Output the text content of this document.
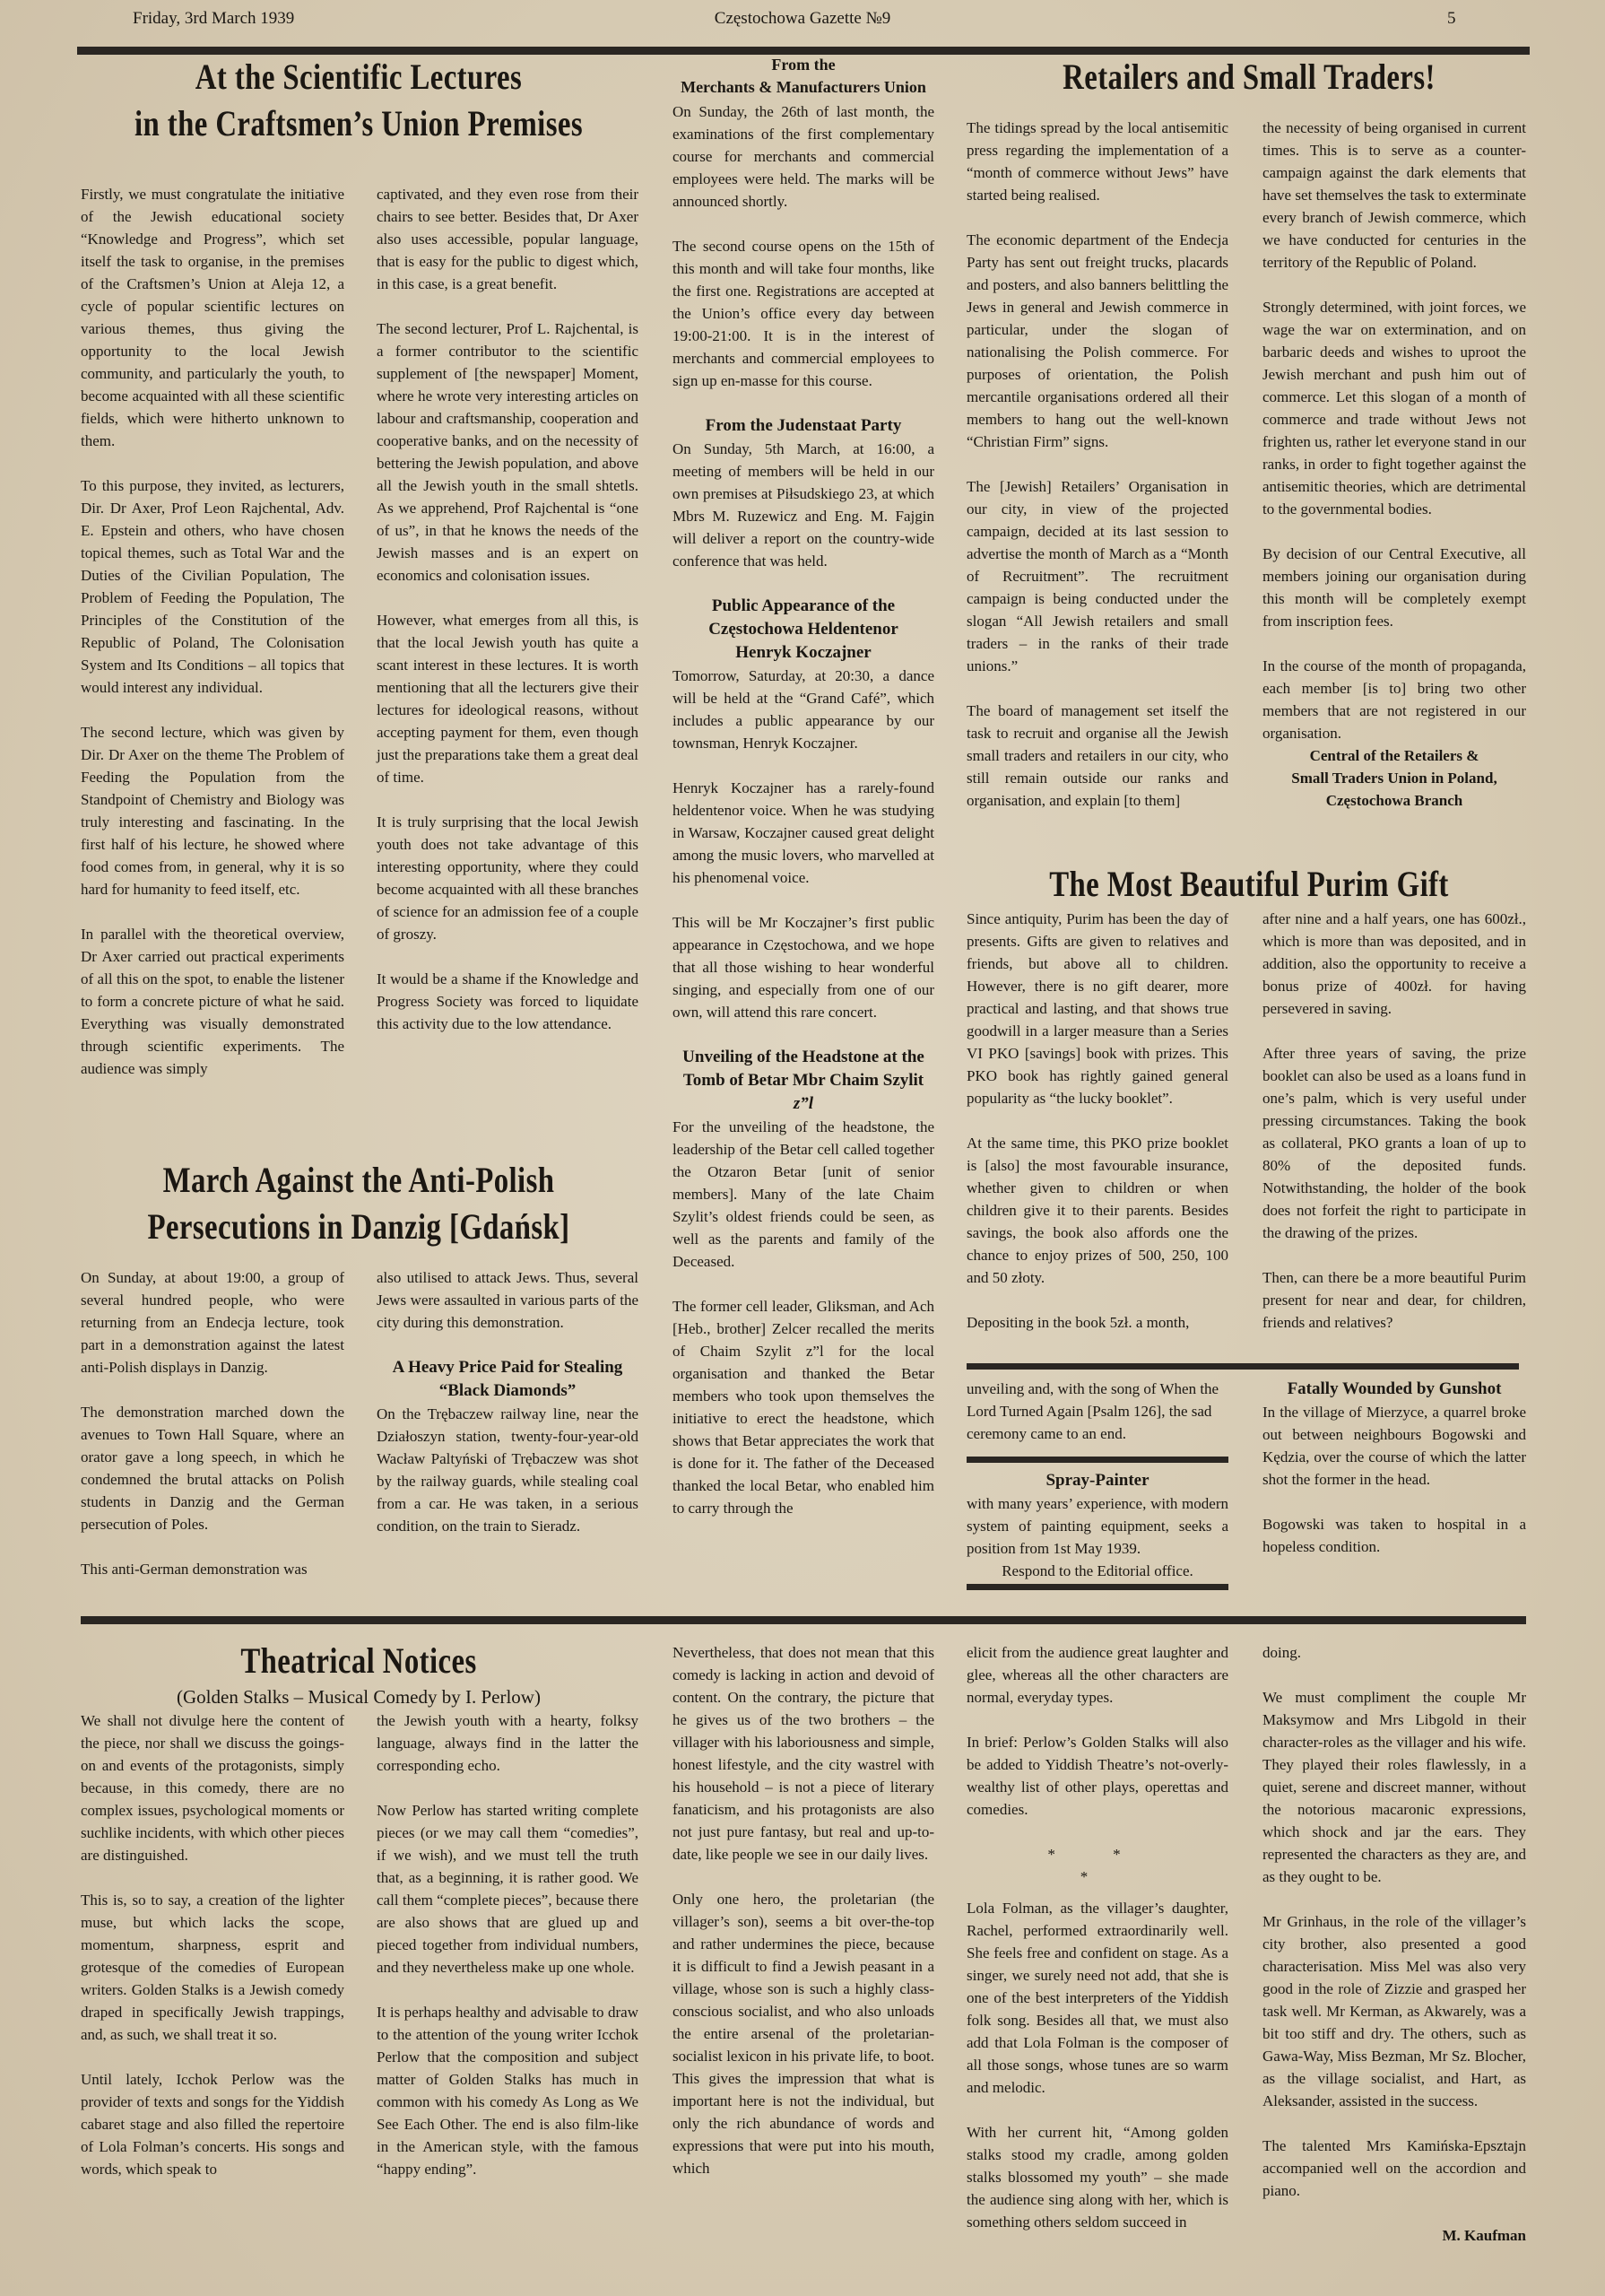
Friday, 3rd March 1939	Częstochowa Gazette №9	5
At the Scientific Lectures
in the Craftsmen’s Union Premises

Firstly, we must congratulate the initiative of the Jewish educational society “Knowledge and Progress”, which set itself the task to organise, in the premises of the Craftsmen’s Union at Aleja 12, a cycle of popular scientific lectures on various themes, thus giving the opportunity to the local Jewish community, and particularly the youth, to become acquainted with all these scientific fields, which were hitherto unknown to them.

To this purpose, they invited, as lecturers, Dir. Dr Axer, Prof Leon Rajchental, Adv. E. Epstein and others, who have chosen topical themes, such as Total War and the Duties of the Civilian Population, The Problem of Feeding the Population, The Principles of the Constitution of the Republic of Poland, The Colonisation System and Its Conditions – all topics that would interest any individual.

The second lecture, which was given by Dir. Dr Axer on the theme The Problem of Feeding the Population from the Standpoint of Chemistry and Biology was truly interesting and fascinating. In the first half of his lecture, he showed where food comes from, in general, why it is so hard for humanity to feed itself, etc.

In parallel with the theoretical overview, Dr Axer carried out practical experiments of all this on the spot, to enable the listener to form a concrete picture of what he said. Everything was visually demonstrated through scientific experiments. The audience was simply

captivated, and they even rose from their chairs to see better. Besides that, Dr Axer also uses accessible, popular language, that is easy for the public to digest which, in this case, is a great benefit.

The second lecturer, Prof L. Rajchental, is a former contributor to the scientific supplement of [the newspaper] Moment, where he wrote very interesting articles on labour and craftsmanship, cooperation and cooperative banks, and on the necessity of bettering the Jewish population, and above all the Jewish youth in the small shtetls. As we apprehend, Prof Rajchental is “one of us”, in that he knows the needs of the Jewish masses and is an expert on economics and colonisation issues.

However, what emerges from all this, is that the local Jewish youth has quite a scant interest in these lectures. It is worth mentioning that all the lecturers give their lectures for ideological reasons, without accepting payment for them, even though just the preparations take them a great deal of time.

It is truly surprising that the local Jewish youth does not take advantage of this interesting opportunity, where they could become acquainted with all these branches of science for an admission fee of a couple of groszy.

It would be a shame if the Knowledge and Progress Society was forced to liquidate this activity due to the low attendance.

From the
Merchants & Manufacturers Union

On Sunday, the 26th of last month, the examinations of the first complementary course for merchants and commercial employees were held. The marks will be announced shortly.

The second course opens on the 15th of this month and will take four months, like the first one. Registrations are accepted at the Union’s office every day between 19:00-21:00. It is in the interest of merchants and commercial employees to sign up en-masse for this course.

From the Judenstaat Party

On Sunday, 5th March, at 16:00, a meeting of members will be held in our own premises at Piłsudskiego 23, at which Mbrs M. Ruzewicz and Eng. M. Fajgin will deliver a report on the country-wide conference that was held.

Public Appearance of the
Częstochowa Heldentenor
Henryk Koczajner

Tomorrow, Saturday, at 20:30, a dance will be held at the “Grand Café”, which includes a public appearance by our townsman, Henryk Koczajner.

Henryk Koczajner has a rarely-found heldentenor voice. When he was studying in Warsaw, Koczajner caused great delight among the music lovers, who marvelled at his phenomenal voice.

This will be Mr Koczajner’s first public appearance in Częstochowa, and we hope that all those wishing to hear wonderful singing, and especially from one of our own, will attend this rare concert.

Unveiling of the Headstone at the
Tomb of Betar Mbr Chaim Szylit
z”l

For the unveiling of the headstone, the leadership of the Betar cell called together the Otzaron Betar [unit of senior members]. Many of the late Chaim Szylit’s oldest friends could be seen, as well as the parents and family of the Deceased.

The former cell leader, Gliksman, and Ach [Heb., brother] Zelcer recalled the merits of Chaim Szylit z”l for the local organisation and thanked the Betar members who took upon themselves the initiative to erect the headstone, which shows that Betar appreciates the work that is done for it. The father of the Deceased thanked the local Betar, who enabled him to carry through the

Retailers and Small Traders!

The tidings spread by the local antisemitic press regarding the implementation of a “month of commerce without Jews” have started being realised.

The economic department of the Endecja Party has sent out freight trucks, placards and posters, and also banners belittling the Jews in general and Jewish commerce in particular, under the slogan of nationalising the Polish commerce. For purposes of orientation, the Polish mercantile organisations ordered all their members to hang out the well-known “Christian Firm” signs.

The [Jewish] Retailers’ Organisation in our city, in view of the projected campaign, decided at its last session to advertise the month of March as a “Month of Recruitment”. The recruitment campaign is being conducted under the slogan “All Jewish retailers and small traders – in the ranks of their trade unions.”

The board of management set itself the task to recruit and organise all the Jewish small traders and retailers in our city, who still remain outside our ranks and organisation, and explain [to them]

the necessity of being organised in current times. This is to serve as a counter-campaign against the dark elements that have set themselves the task to exterminate every branch of Jewish commerce, which we have conducted for centuries in the territory of the Republic of Poland.

Strongly determined, with joint forces, we wage the war on extermination, and on barbaric deeds and wishes to uproot the Jewish merchant and push him out of commerce. Let this slogan of a month of commerce and trade without Jews not frighten us, rather let everyone stand in our ranks, in order to fight together against the antisemitic theories, which are detrimental to the governmental bodies.

By decision of our Central Executive, all members joining our organisation during this month will be completely exempt from inscription fees.

In the course of the month of propaganda, each member [is to] bring two other members that are not registered in our organisation.

Central of the Retailers &
Small Traders Union in Poland,
Częstochowa Branch
The Most Beautiful Purim Gift

Since antiquity, Purim has been the day of presents. Gifts are given to relatives and friends, but above all to children. However, there is no gift dearer, more practical and lasting, and that shows true goodwill in a larger measure than a Series VI PKO [savings] book with prizes. This PKO book has rightly gained general popularity as “the lucky booklet”.

At the same time, this PKO prize booklet is [also] the most favourable insurance, whether given to children or when children give it to their parents. Besides savings, the book also affords one the chance to enjoy prizes of 500, 250, 100 and 50 złoty.

Depositing in the book 5zł. a month,

after nine and a half years, one has 600zł., which is more than was deposited, and in addition, also the opportunity to receive a bonus prize of 400zł. for having persevered in saving.

After three years of saving, the prize booklet can also be used as a loans fund in one’s palm, which is very useful under pressing circumstances. Taking the book as collateral, PKO grants a loan of up to 80% of the deposited funds. Notwithstanding, the holder of the book does not forfeit the right to participate in the drawing of the prizes.

Then, can there be a more beautiful Purim present for near and dear, for children, friends and relatives?

unveiling and, with the song of When the Lord Turned Again [Psalm 126], the sad ceremony came to an end.

Spray-Painter

with many years’ experience, with modern system of painting equipment, seeks a position from 1st May 1939.

Respond to the Editorial office.
Fatally Wounded by Gunshot

In the village of Mierzyce, a quarrel broke out between neighbours Bogowski and Kędzia, over the course of which the latter shot the former in the head.

Bogowski was taken to hospital in a hopeless condition.

March Against the Anti-Polish
Persecutions in Danzig [Gdańsk]

On Sunday, at about 19:00, a group of several hundred people, who were returning from an Endecja lecture, took part in a demonstration against the latest anti-Polish displays in Danzig.

The demonstration marched down the avenues to Town Hall Square, where an orator gave a long speech, in which he condemned the brutal attacks on Polish students in Danzig and the German persecution of Poles.

This anti-German demonstration was

also utilised to attack Jews. Thus, several Jews were assaulted in various parts of the city during this demonstration.

A Heavy Price Paid for Stealing
“Black Diamonds”

On the Trębaczew railway line, near the Działoszyn station, twenty-four-year-old Wacław Paltyński of Trębaczew was shot by the railway guards, while stealing coal from a car. He was taken, in a serious condition, on the train to Sieradz.

Theatrical Notices
(Golden Stalks – Musical Comedy by I. Perlow)

We shall not divulge here the content of the piece, nor shall we discuss the goings-on and events of the protagonists, simply because, in this comedy, there are no complex issues, psychological moments or suchlike incidents, with which other pieces are distinguished.

This is, so to say, a creation of the lighter muse, but which lacks the scope, momentum, sharpness, esprit and grotesque of the comedies of European writers. Golden Stalks is a Jewish comedy draped in specifically Jewish trappings, and, as such, we shall treat it so.

Until lately, Icchok Perlow was the provider of texts and songs for the Yiddish cabaret stage and also filled the repertoire of Lola Folman’s concerts. His songs and words, which speak to

the Jewish youth with a hearty, folksy language, always find in the latter the corresponding echo.

Now Perlow has started writing complete pieces (or we may call them “comedies”, if we wish), and we must tell the truth that, as a beginning, it is rather good. We call them “complete pieces”, because there are also shows that are glued up and pieced together from individual numbers, and they nevertheless make up one whole.

It is perhaps healthy and advisable to draw to the attention of the young writer Icchok Perlow that the composition and subject matter of Golden Stalks has much in common with his comedy As Long as We See Each Other. The end is also film-like in the American style, with the famous “happy ending”.

Nevertheless, that does not mean that this comedy is lacking in action and devoid of content. On the contrary, the picture that he gives us of the two brothers – the villager with his laboriousness and simple, honest lifestyle, and the city wastrel with his household – is not a piece of literary fanaticism, and his protagonists are also not just pure fantasy, but real and up-to-date, like people we see in our daily lives.

Only one hero, the proletarian (the villager’s son), seems a bit over-the-top and rather undermines the piece, because it is difficult to find a Jewish peasant in a village, whose son is such a highly class-conscious socialist, and who also unloads the entire arsenal of the proletarian-socialist lexicon in his private life, to boot. This gives the impression that what is important here is not the individual, but only the rich abundance of words and expressions that were put into his mouth, which

elicit from the audience great laughter and glee, whereas all the other characters are normal, everyday types.

In brief: Perlow’s Golden Stalks will also be added to Yiddish Theatre’s not-overly-wealthy list of other plays, operettas and comedies.

* *
*

Lola Folman, as the villager’s daughter, Rachel, performed extraordinarily well. She feels free and confident on stage. As a singer, we surely need not add, that she is one of the best interpreters of the Yiddish folk song. Besides all that, we must also add that Lola Folman is the composer of all those songs, whose tunes are so warm and melodic.

With her current hit, “Among golden stalks stood my cradle, among golden stalks blossomed my youth” – she made the audience sing along with her, which is something others seldom succeed in

doing.

We must compliment the couple Mr Maksymow and Mrs Libgold in their character-roles as the villager and his wife. They played their roles flawlessly, in a quiet, serene and discreet manner, without the notorious macaronic expressions, which shock and jar the ears. They represented the characters as they are, and as they ought to be.

Mr Grinhaus, in the role of the villager’s city brother, also presented a good characterisation. Miss Mel was also very good in the role of Zizzie and grasped her task well. Mr Kerman, as Akwarely, was a bit too stiff and dry. The others, such as Gawa-Way, Miss Bezman, Mr Sz. Blocher, as the village socialist, and Hart, as Aleksander, assisted in the success.

The talented Mrs Kamińska-Epsztajn accompanied well on the accordion and piano.

M. Kaufman
